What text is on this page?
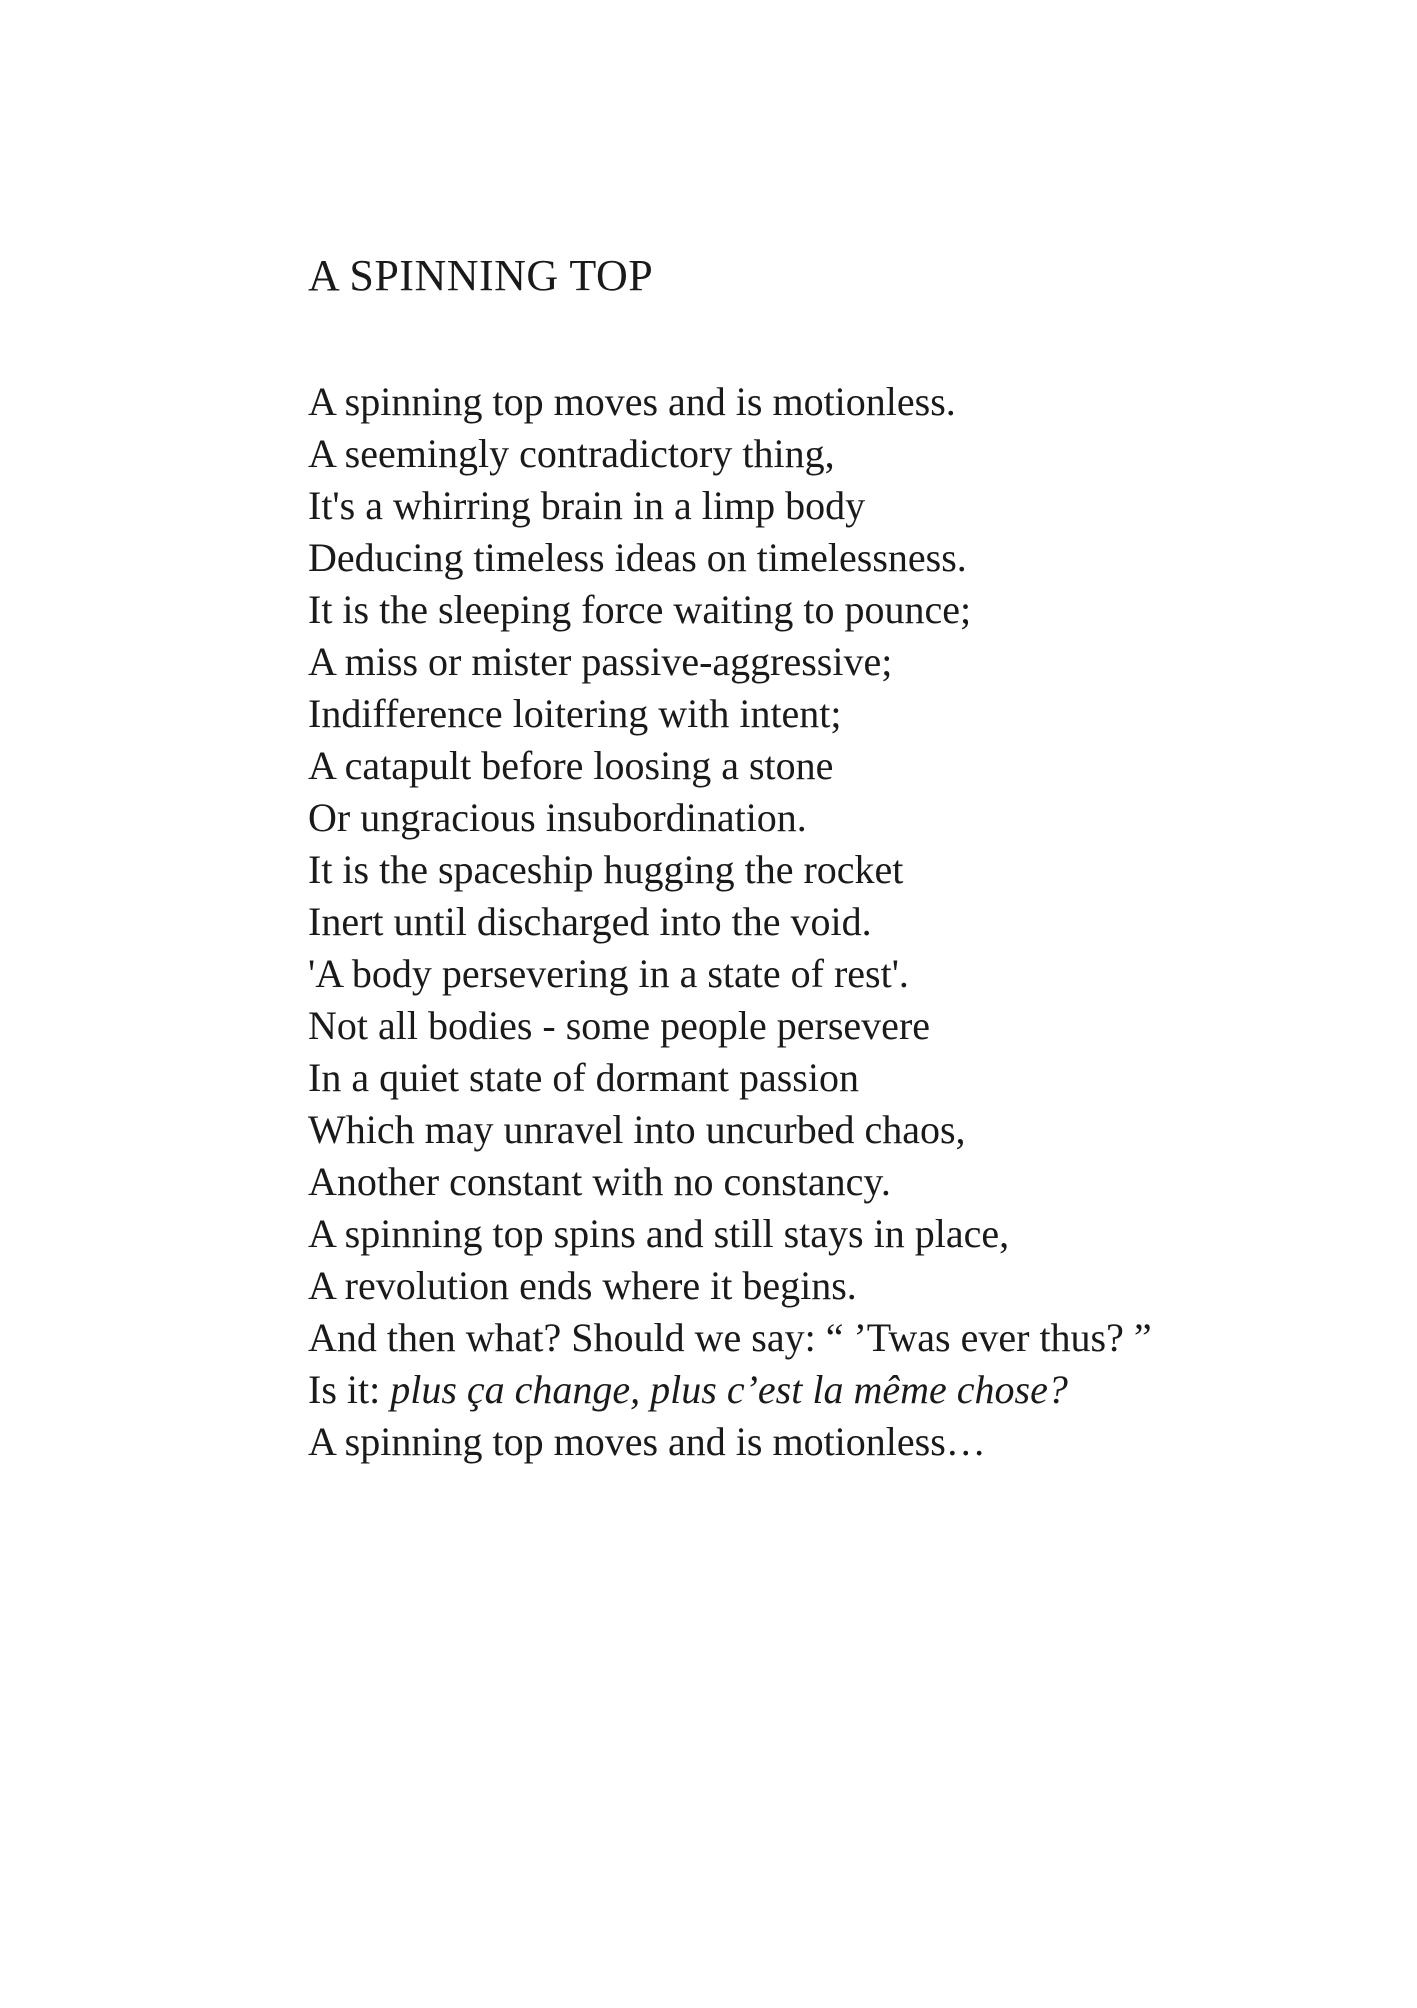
A SPINNING TOP
A spinning top moves and is motionless.
A seemingly contradictory thing,
It's a whirring brain in a limp body
Deducing timeless ideas on timelessness.
It is the sleeping force waiting to pounce;
A miss or mister passive-aggressive;
Indifference loitering with intent;
A catapult before loosing a stone
Or ungracious insubordination.
It is the spaceship hugging the rocket
Inert until discharged into the void.
'A body persevering in a state of rest'.
Not all bodies - some people persevere
In a quiet state of dormant passion
Which may unravel into uncurbed chaos,
Another constant with no constancy.
A spinning top spins and still stays in place,
A revolution ends where it begins.
And then what? Should we say: “ ’Twas ever thus? ”
Is it: plus ça change, plus c’est la même chose?
A spinning top moves and is motionless…
